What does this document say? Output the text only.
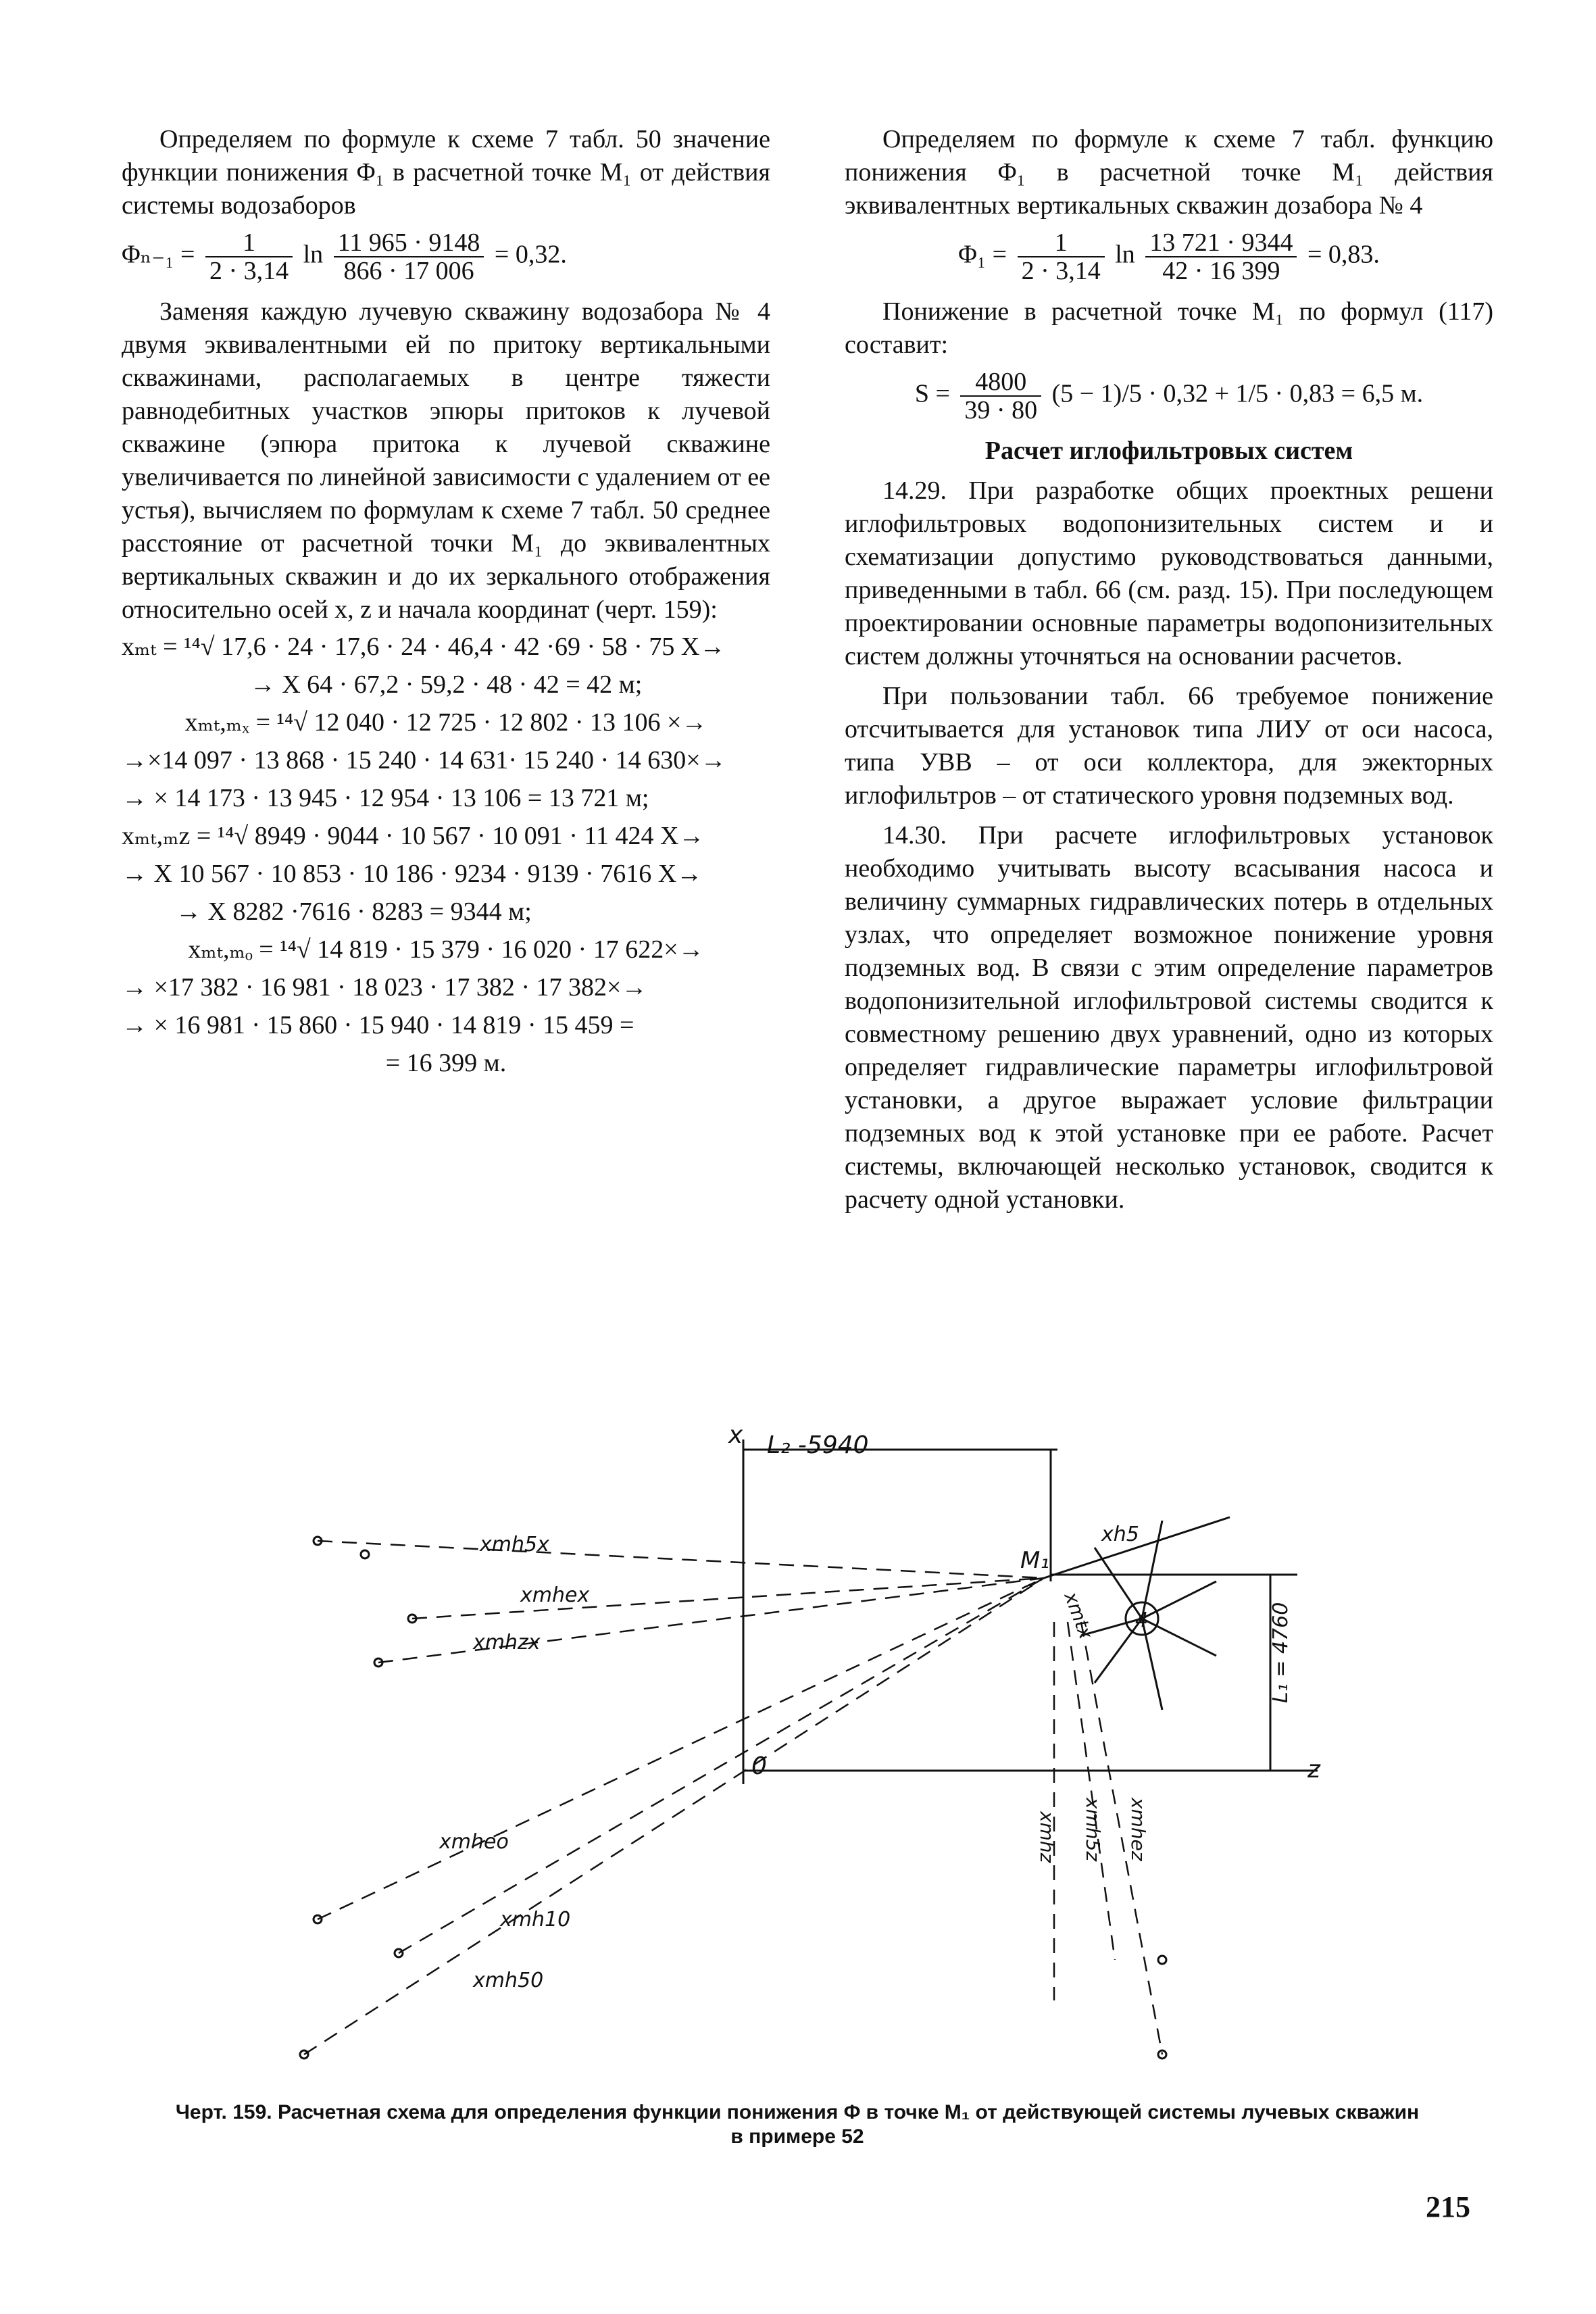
Определяем по формуле к схеме 7 табл. 50 значение функции понижения Φ₁ в расчетной точке M₁ от действия системы водозаборов

$\Phi_{n-1} = \frac{1}{2 \cdot 3,14}$ $\ln \frac{11 965 \cdot 9148}{866 \cdot 17 006} = 0,32$.

Заменяя каждую лучевую скважину водозабора № 4 двумя эквивалентными ей по притоку вертикальными скважинами, располагаемых в центре тяжести равнодебитных участков эпюры притоков к лучевой скважине (эпюра притока к лучевой скважине увеличивается по линейной зависимости с удалением от ее устья), вычисляем по формулам к схеме 7 табл. 50 среднее расстояние от расчетной точки M₁ до эквивалентных вертикальных скважин и до их зеркального отображения относительно осей x, z и начала координат (черт. 159):

xₘₜ = ¹⁴√ 17,6 · 24 · 17,6 · 24 · 46,4 · 42 ·69 · 58 · 75 X→
→ X 64 · 67,2 · 59,2 · 48 · 42 = 42 м;
xₘₜ,ₘₓ = ¹⁴√ 12 040 · 12 725 · 12 802 · 13 106 ×→
→×14 097 · 13 868 · 15 240 · 14 631· 15 240 · 14 630×→
→ × 14 173 · 13 945 · 12 954 · 13 106 = 13 721 м;
xₘₜ,ₘz = ¹⁴√ 8949 · 9044 · 10 567 · 10 091 · 11 424 X→
→ X 10 567 · 10 853 · 10 186 · 9234 · 9139 · 7616 X→
→ X 8282 ·7616 · 8283 = 9344 м;
xₘₜ,ₘₒ = ¹⁴√ 14 819 · 15 379 · 16 020 · 17 622×→
→ ×17 382 · 16 981 · 18 023 · 17 382 · 17 382×→
→ × 16 981 · 15 860 · 15 940 · 14 819 · 15 459 =
= 16 399 м.

Определяем по формуле к схеме 7 табл. функцию понижения Φ₁ в расчетной точке M₁ действия эквивалентных вертикальных скважин дозабора № 4

$\Phi_1 = \frac{1}{2 \cdot 3,14}$ $\ln \frac{13 721 \cdot 9344}{42 \cdot 16 399} = 0,83$.

Понижение в расчетной точке M₁ по формул (117) составит:

$S = \frac{4800}{39 \cdot 80} (5 - 1)/5 \cdot 0,32 + 1/5 \cdot 0,83 = 6,5$ м.

Расчет иглофильтровых систем

14.29. При разработке общих проектных решени иглофильтровых водопонизительных систем и и схематизации допустимо руководствоваться данными, приведенными в табл. 66 (см. разд. 15). При последующем проектировании основные параметры водопонизительных систем должны уточняться на основании расчетов.

При пользовании табл. 66 требуемое понижение отсчитывается для установок типа ЛИУ от оси насоса, типа УВВ – от оси коллектора, для эжекторных иглофильтров – от статического уровня подземных вод.

14.30. При расчете иглофильтровых установок необходимо учитывать высоту всасывания насоса и величину суммарных гидравлических потерь в отдельных узлах, что определяет возможное понижение уровня подземных вод. В связи с этим определение параметров водопонизительной иглофильтровой системы сводится к совместному решению двух уравнений, одно из которых определяет гидравлические параметры иглофильтровой установки, а другое выражает условие фильтрации подземных вод к этой установке при ее работе. Расчет системы, включающей несколько установок, сводится к расчету одной установки.

L₂ -5940
x
z
0
M₁
4
xmh5x
xmhex
xmhzx
xmheo
xmh10
xmh50
xh5
xmtx
xmhz xmh5z xmhez
L₁ = 4760
Черт. 159. Расчетная схема для определения функции понижения Φ в точке M₁ от действующей системы лучевых скважин
в примере 52
215
